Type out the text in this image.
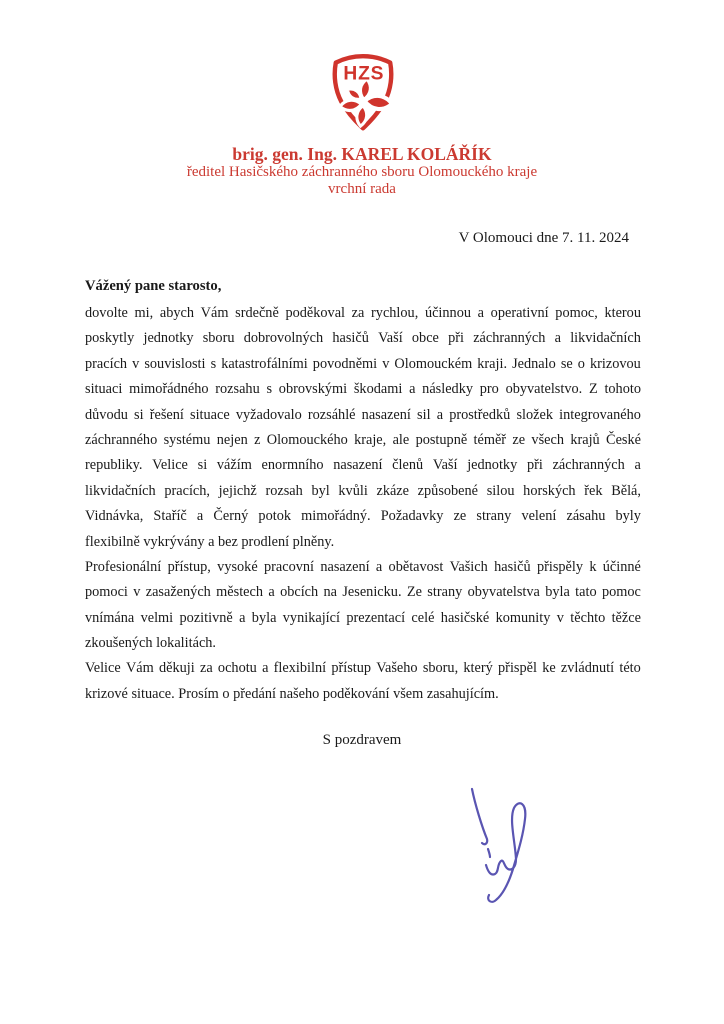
HZS
brig. gen. Ing. KAREL KOLÁŘÍK
ředitel Hasičského záchranného sboru Olomouckého kraje
vrchní rada
V Olomouci dne 7. 11. 2024
Vážený pane starosto,
dovolte mi, abych Vám srdečně poděkoval za rychlou, účinnou a operativní pomoc, kterou
poskytly jednotky sboru dobrovolných hasičů Vaší obce při záchranných a likvidačních
pracích v souvislosti s katastrofálními povodněmi v Olomouckém kraji. Jednalo se o krizovou
situaci mimořádného rozsahu s obrovskými škodami a následky pro obyvatelstvo. Z tohoto
důvodu si řešení situace vyžadovalo rozsáhlé nasazení sil a prostředků složek integrovaného
záchranného systému nejen z Olomouckého kraje, ale postupně téměř ze všech krajů České
republiky. Velice si vážím enormního nasazení členů Vaší jednotky při záchranných a
likvidačních pracích, jejichž rozsah byl kvůli zkáze způsobené silou horských řek Bělá,
Vidnávka, Staříč a Černý potok mimořádný. Požadavky ze strany velení zásahu byly
flexibilně vykrývány a bez prodlení plněny.
Profesionální přístup, vysoké pracovní nasazení a obětavost Vašich hasičů přispěly k účinné
pomoci v zasažených městech a obcích na Jesenicku. Ze strany obyvatelstva byla tato pomoc
vnímána velmi pozitivně a byla vynikající prezentací celé hasičské komunity v těchto těžce
zkoušených lokalitách.
Velice Vám děkuji za ochotu a flexibilní přístup Vašeho sboru, který přispěl ke zvládnutí této
krizové situace. Prosím o předání našeho poděkování všem zasahujícím.
S pozdravem
